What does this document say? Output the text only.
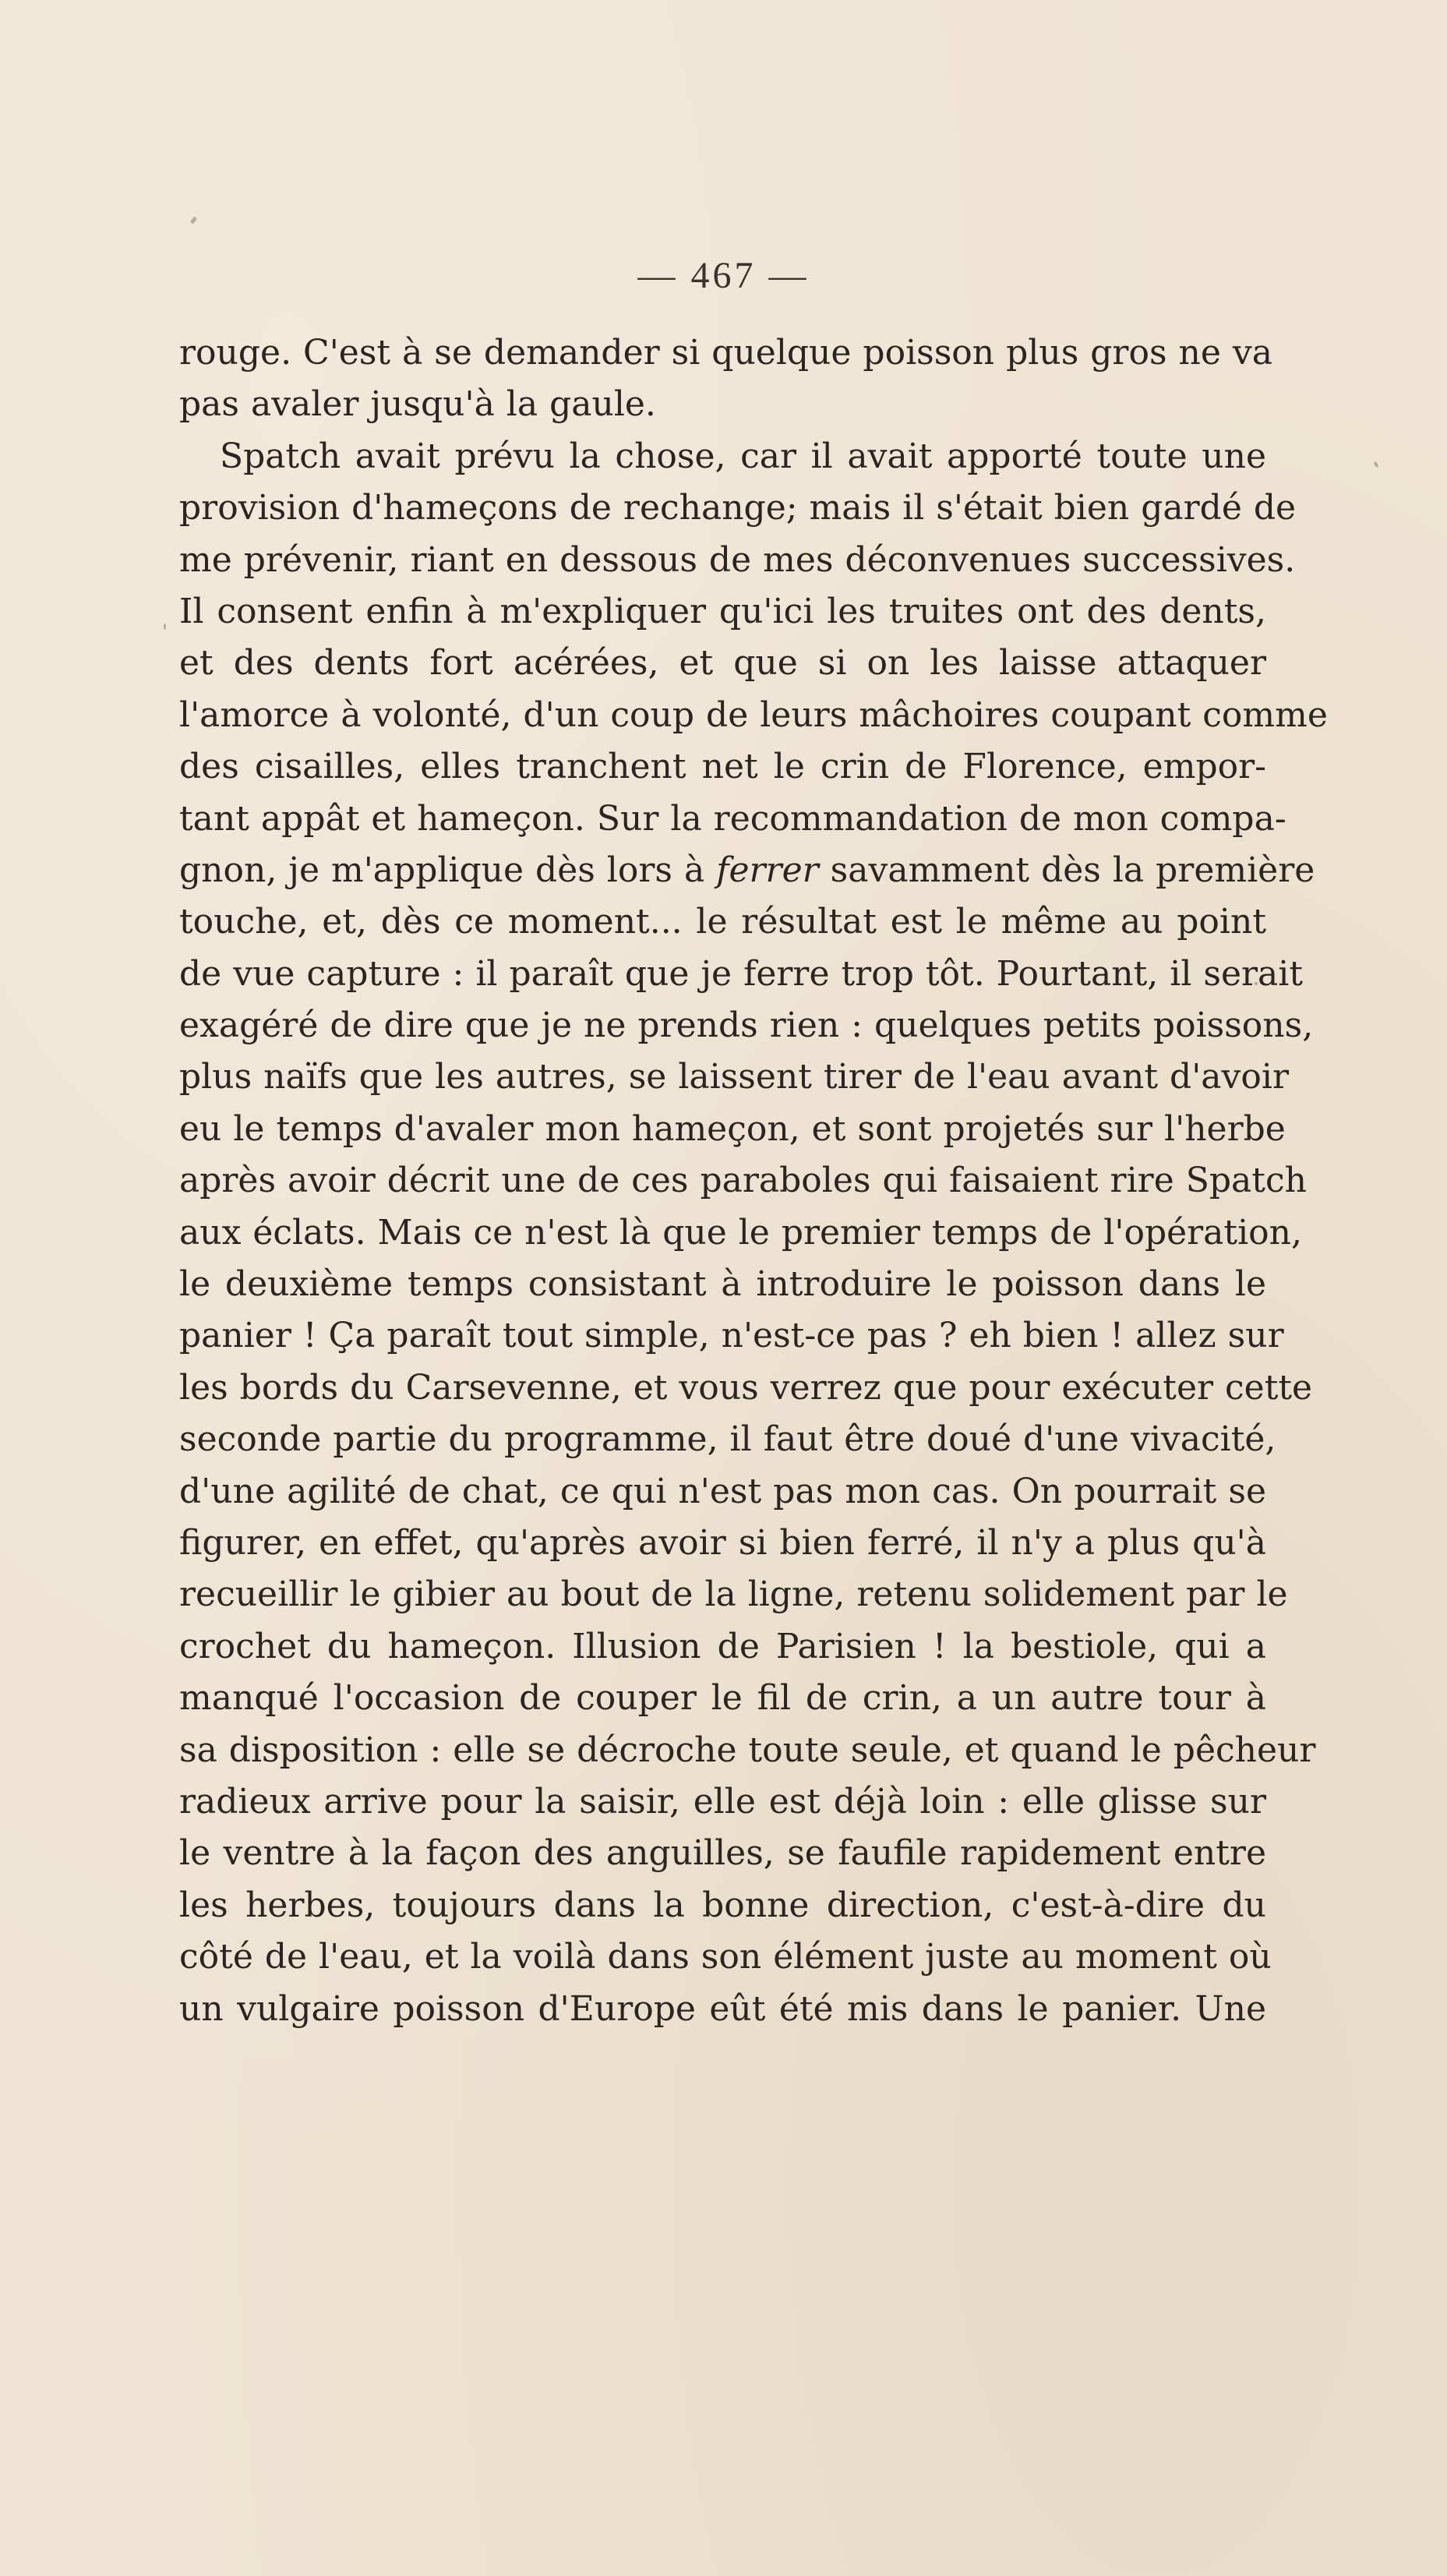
— 467 —
rouge. C'est à se demander si quelque poisson plus gros ne va
pas avaler jusqu'à la gaule.
Spatch avait prévu la chose, car il avait apporté toute une
provision d'hameçons de rechange; mais il s'était bien gardé de
me prévenir, riant en dessous de mes déconvenues successives.
Il consent enfin à m'expliquer qu'ici les truites ont des dents,
et des dents fort acérées, et que si on les laisse attaquer
l'amorce à volonté, d'un coup de leurs mâchoires coupant comme
des cisailles, elles tranchent net le crin de Florence, empor-
tant appât et hameçon. Sur la recommandation de mon compa-
gnon, je m'applique dès lors à ferrer savamment dès la première
touche, et, dès ce moment... le résultat est le même au point
de vue capture : il paraît que je ferre trop tôt. Pourtant, il serait
exagéré de dire que je ne prends rien : quelques petits poissons,
plus naïfs que les autres, se laissent tirer de l'eau avant d'avoir
eu le temps d'avaler mon hameçon, et sont projetés sur l'herbe
après avoir décrit une de ces paraboles qui faisaient rire Spatch
aux éclats. Mais ce n'est là que le premier temps de l'opération,
le deuxième temps consistant à introduire le poisson dans le
panier ! Ça paraît tout simple, n'est-ce pas ? eh bien ! allez sur
les bords du Carsevenne, et vous verrez que pour exécuter cette
seconde partie du programme, il faut être doué d'une vivacité,
d'une agilité de chat, ce qui n'est pas mon cas. On pourrait se
figurer, en effet, qu'après avoir si bien ferré, il n'y a plus qu'à
recueillir le gibier au bout de la ligne, retenu solidement par le
crochet du hameçon. Illusion de Parisien ! la bestiole, qui a
manqué l'occasion de couper le fil de crin, a un autre tour à
sa disposition : elle se décroche toute seule, et quand le pêcheur
radieux arrive pour la saisir, elle est déjà loin : elle glisse sur
le ventre à la façon des anguilles, se faufile rapidement entre
les herbes, toujours dans la bonne direction, c'est-à-dire du
côté de l'eau, et la voilà dans son élément juste au moment où
un vulgaire poisson d'Europe eût été mis dans le panier. Une
